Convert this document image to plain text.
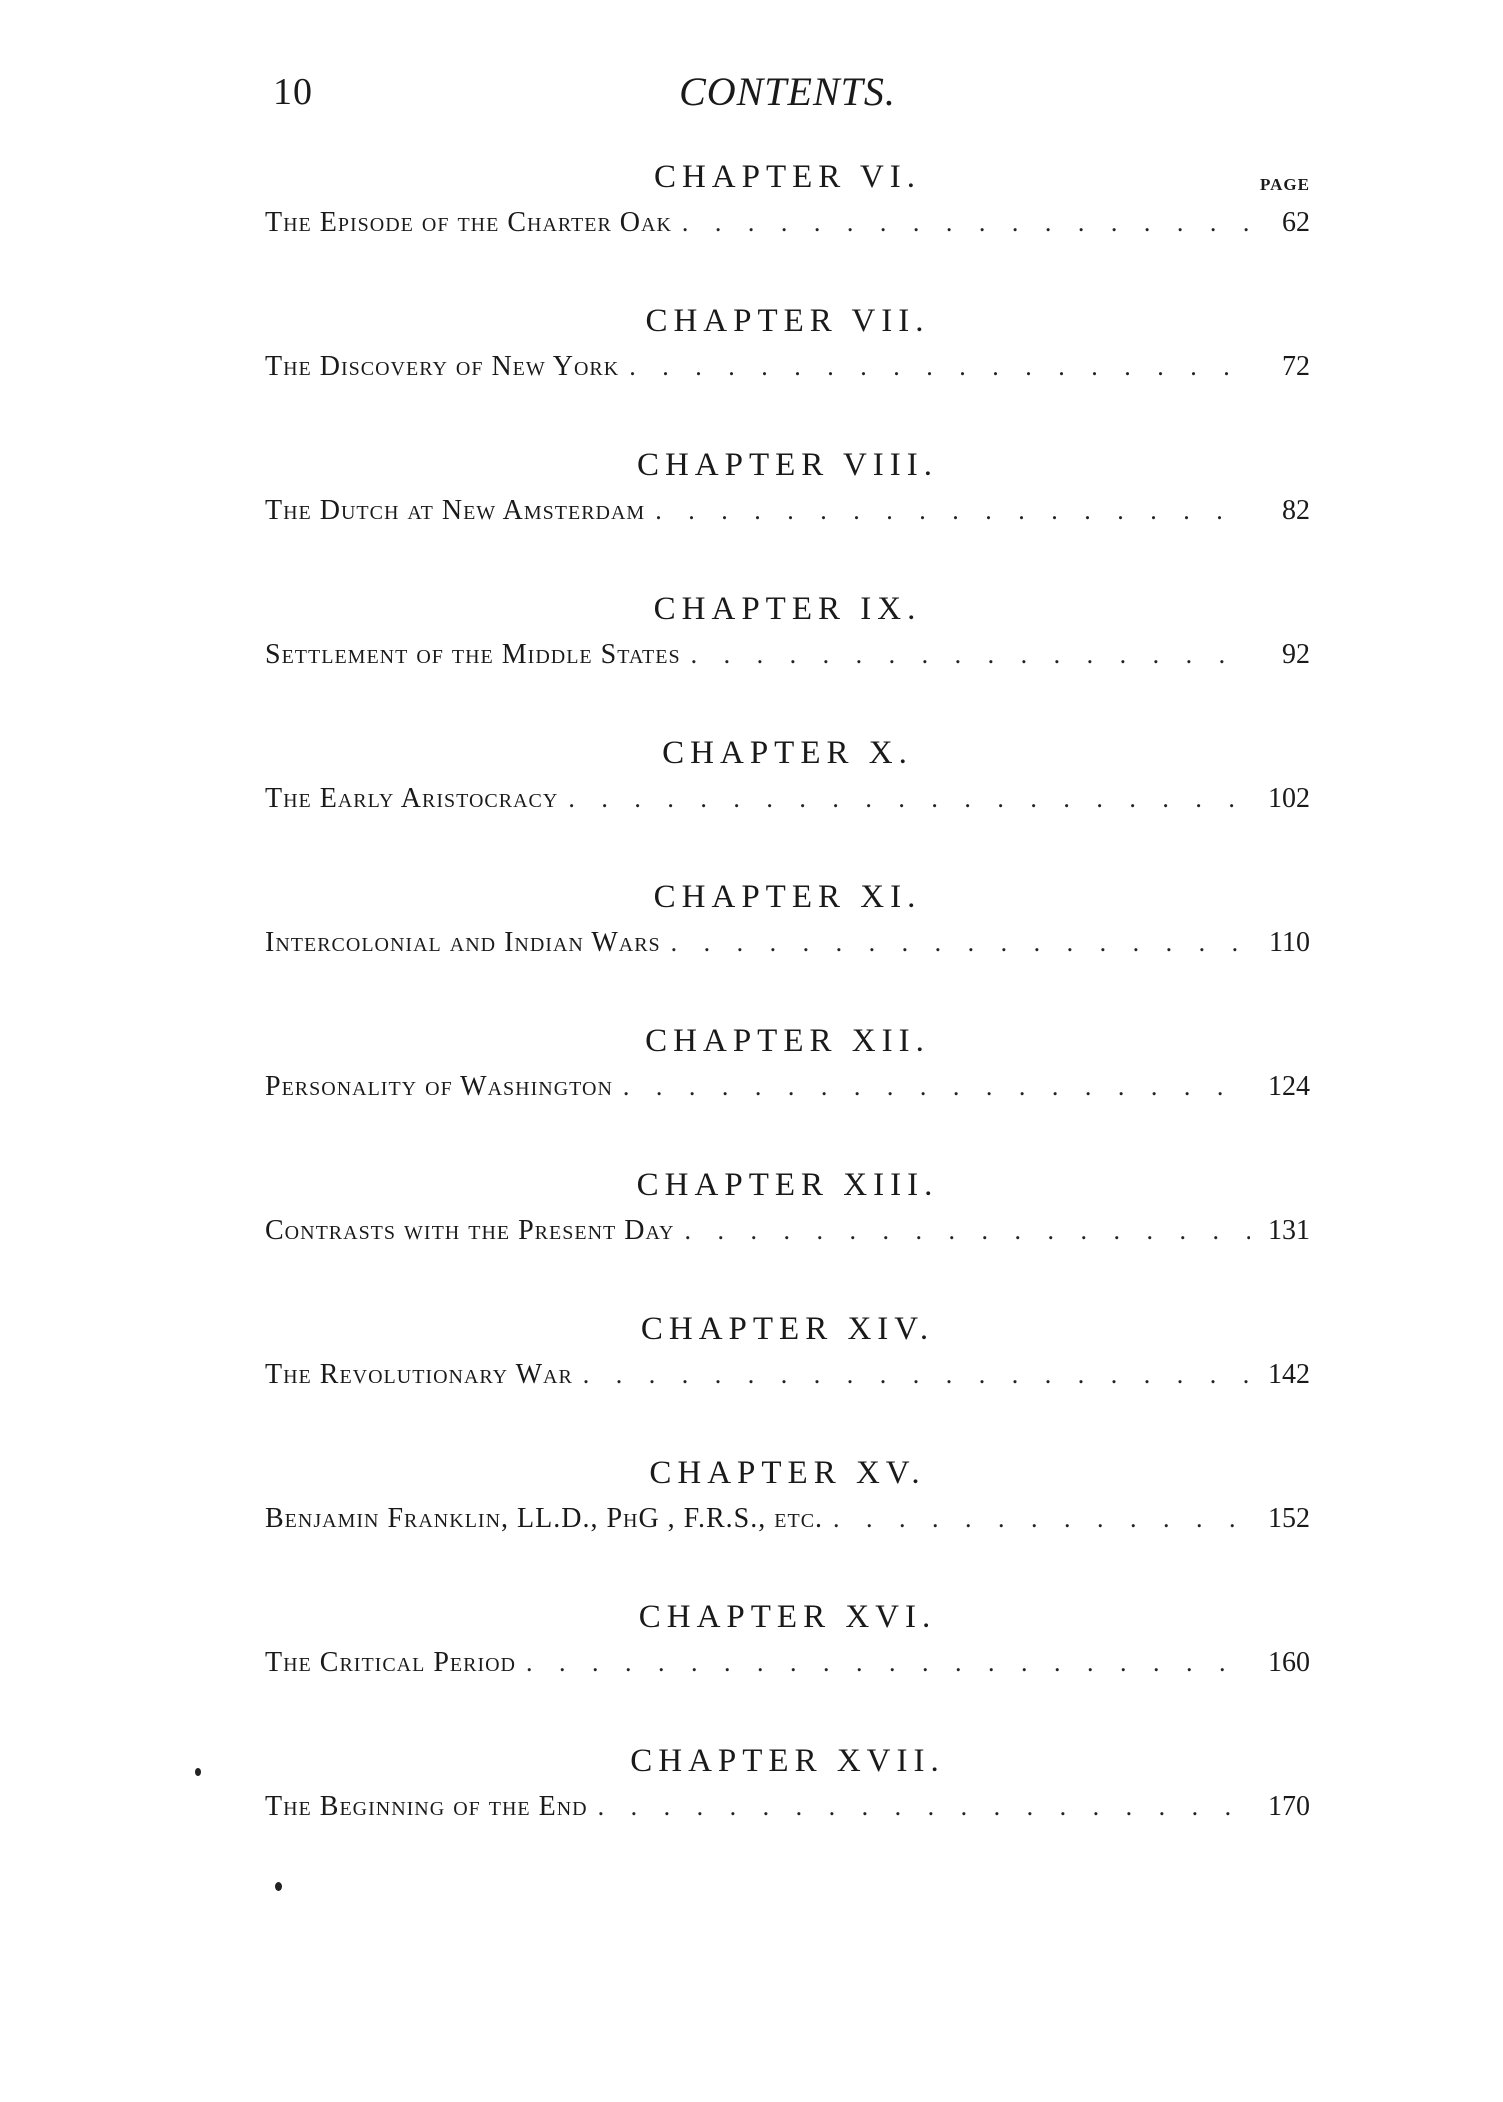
10	CONTENTS.
CHAPTER VI.
The Episode of the Charter Oak . . .	62
PAGE
CHAPTER VII.
The Discovery of New York . . .	72
CHAPTER VIII.
The Dutch at New Amsterdam . . .	82
CHAPTER IX.
Settlement of the Middle States . . .	92
CHAPTER X.
The Early Aristocracy . . .	102
CHAPTER XI.
Intercolonial and Indian Wars . . .	110
CHAPTER XII.
Personality of Washington . . .	124
CHAPTER XIII.
Contrasts with the Present Day . . .	131
CHAPTER XIV.
The Revolutionary War . . .	142
CHAPTER XV.
Benjamin Franklin, LL.D., PhG , F.R.S., etc. . . .	152
CHAPTER XVI.
The Critical Period . . .	160
CHAPTER XVII.
The Beginning of the End . . .	170
